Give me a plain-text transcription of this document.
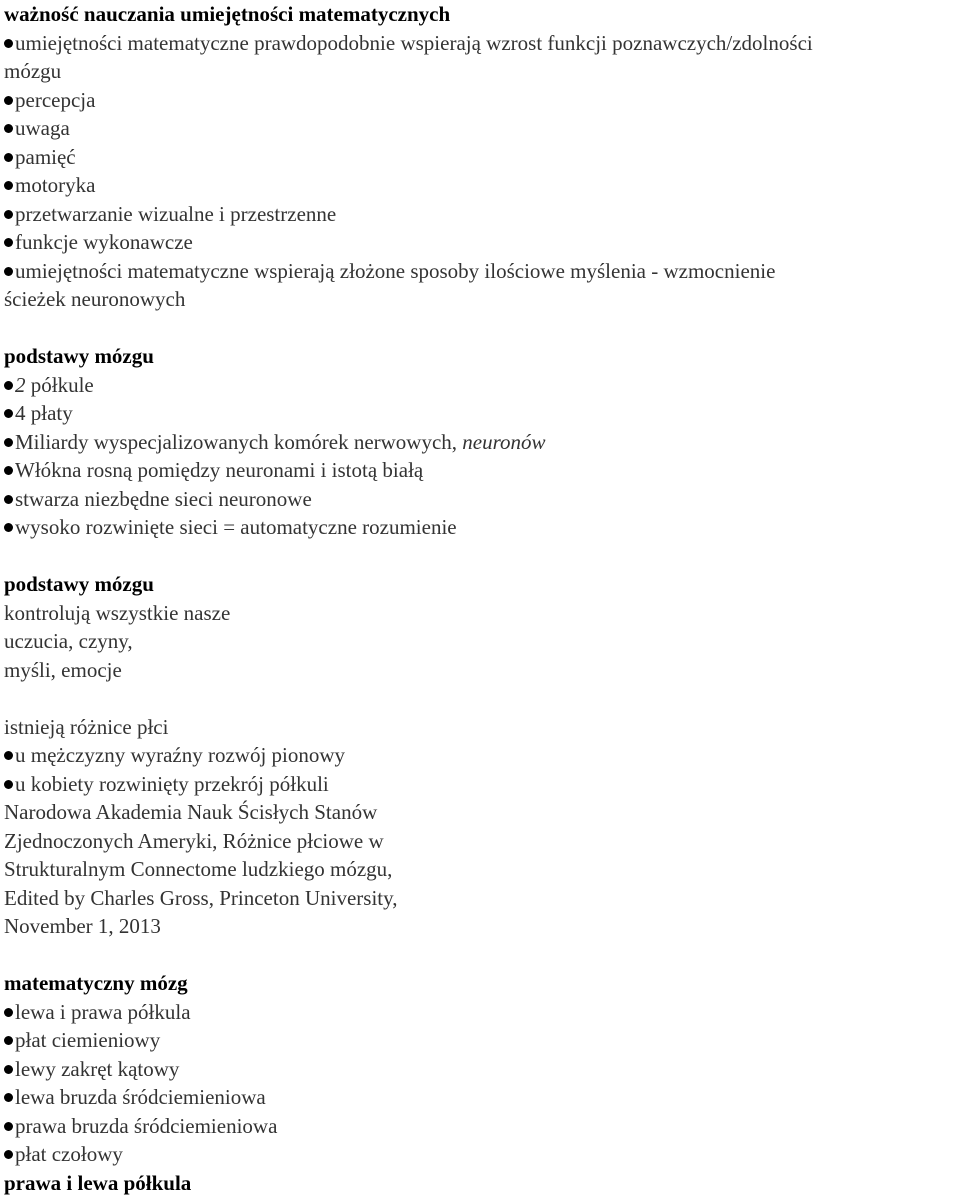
ważność nauczania umiejętności matematycznych
umiejętności matematyczne prawdopodobnie wspierają wzrost funkcji poznawczych/zdolności
mózgu
percepcja
uwaga
pamięć
motoryka
przetwarzanie wizualne i przestrzenne
funkcje wykonawcze
umiejętności matematyczne wspierają złożone sposoby ilościowe myślenia - wzmocnienie
ścieżek neuronowych
podstawy mózgu
2 półkule
4 płaty
Miliardy wyspecjalizowanych komórek nerwowych, neuronów
Włókna rosną pomiędzy neuronami i istotą białą
stwarza niezbędne sieci neuronowe
wysoko rozwinięte sieci = automatyczne rozumienie
podstawy mózgu
kontrolują wszystkie nasze
uczucia, czyny,
myśli, emocje
istnieją różnice płci
u mężczyzny wyraźny rozwój pionowy
u kobiety rozwinięty przekrój półkuli
Narodowa Akademia Nauk Ścisłych Stanów
Zjednoczonych Ameryki, Różnice płciowe w
Strukturalnym Connectome ludzkiego mózgu,
Edited by Charles Gross, Princeton University,
November 1, 2013
matematyczny mózg
lewa i prawa półkula
płat ciemieniowy
lewy zakręt kątowy
lewa bruzda śródciemieniowa
prawa bruzda śródciemieniowa
płat czołowy
prawa i lewa półkula
